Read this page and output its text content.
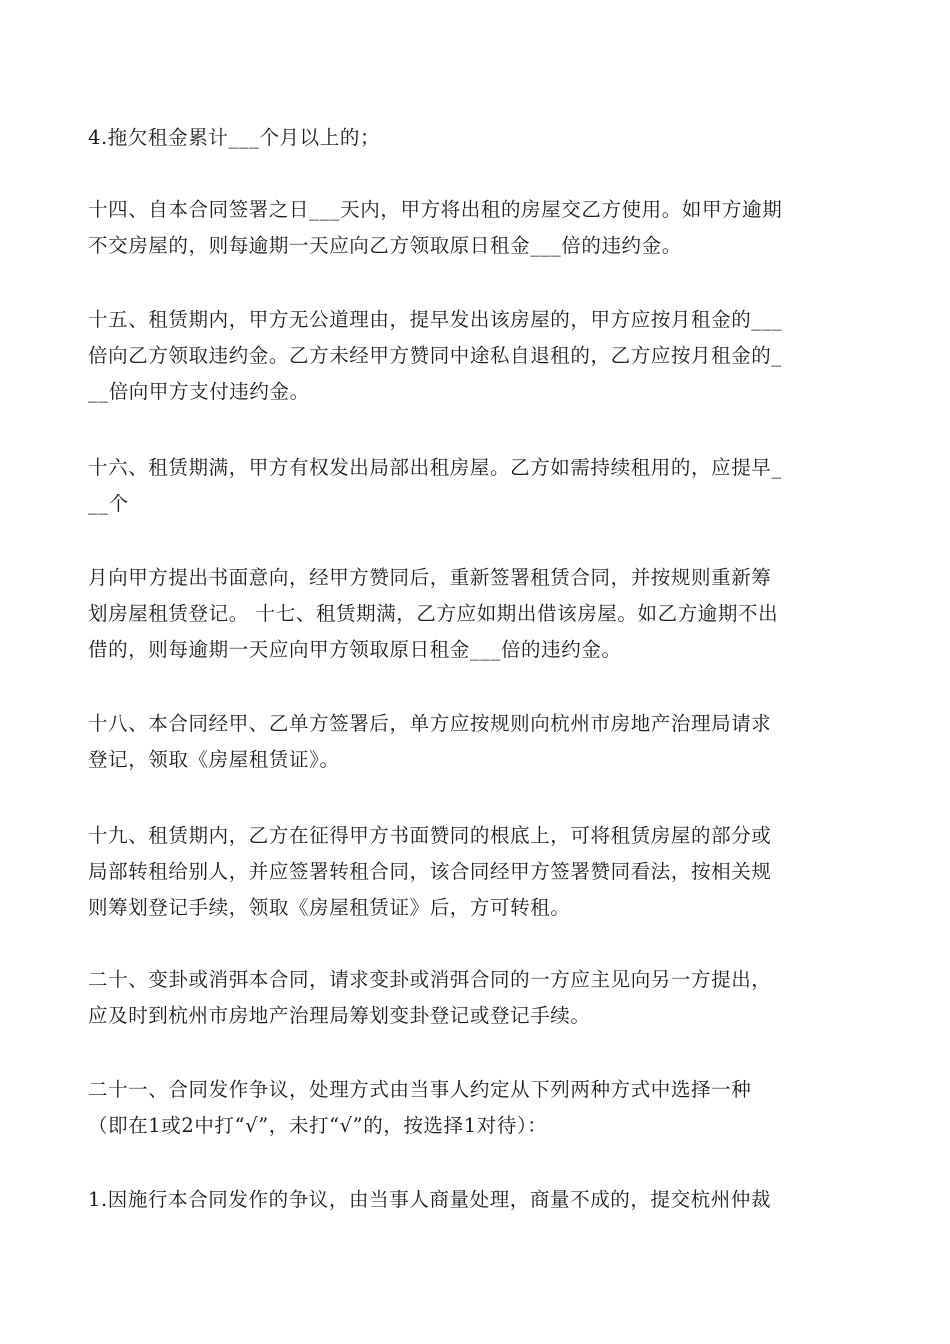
4.拖欠租金累计___个月以上的；

十四、自本合同签署之日___天内，甲方将出租的房屋交乙方使用。如甲方逾期
不交房屋的，则每逾期一天应向乙方领取原日租金___倍的违约金。

十五、租赁期内，甲方无公道理由，提早发出该房屋的，甲方应按月租金的___
倍向乙方领取违约金。乙方未经甲方赞同中途私自退租的，乙方应按月租金的_
__倍向甲方支付违约金。

十六、租赁期满，甲方有权发出局部出租房屋。乙方如需持续租用的，应提早_
__个

月向甲方提出书面意向，经甲方赞同后，重新签署租赁合同，并按规则重新筹
划房屋租赁登记。 十七、租赁期满，乙方应如期出借该房屋。如乙方逾期不出
借的，则每逾期一天应向甲方领取原日租金___倍的违约金。

十八、本合同经甲、乙单方签署后，单方应按规则向杭州市房地产治理局请求
登记，领取《房屋租赁证》。

十九、租赁期内，乙方在征得甲方书面赞同的根底上，可将租赁房屋的部分或
局部转租给别人，并应签署转租合同，该合同经甲方签署赞同看法，按相关规
则筹划登记手续，领取《房屋租赁证》后，方可转租。

二十、变卦或消弭本合同，请求变卦或消弭合同的一方应主见向另一方提出，
应及时到杭州市房地产治理局筹划变卦登记或登记手续。

二十一、合同发作争议，处理方式由当事人约定从下列两种方式中选择一种
（即在1或2中打“√”，未打“√”的，按选择1对待）：

1.因施行本合同发作的争议，由当事人商量处理，商量不成的，提交杭州仲裁
